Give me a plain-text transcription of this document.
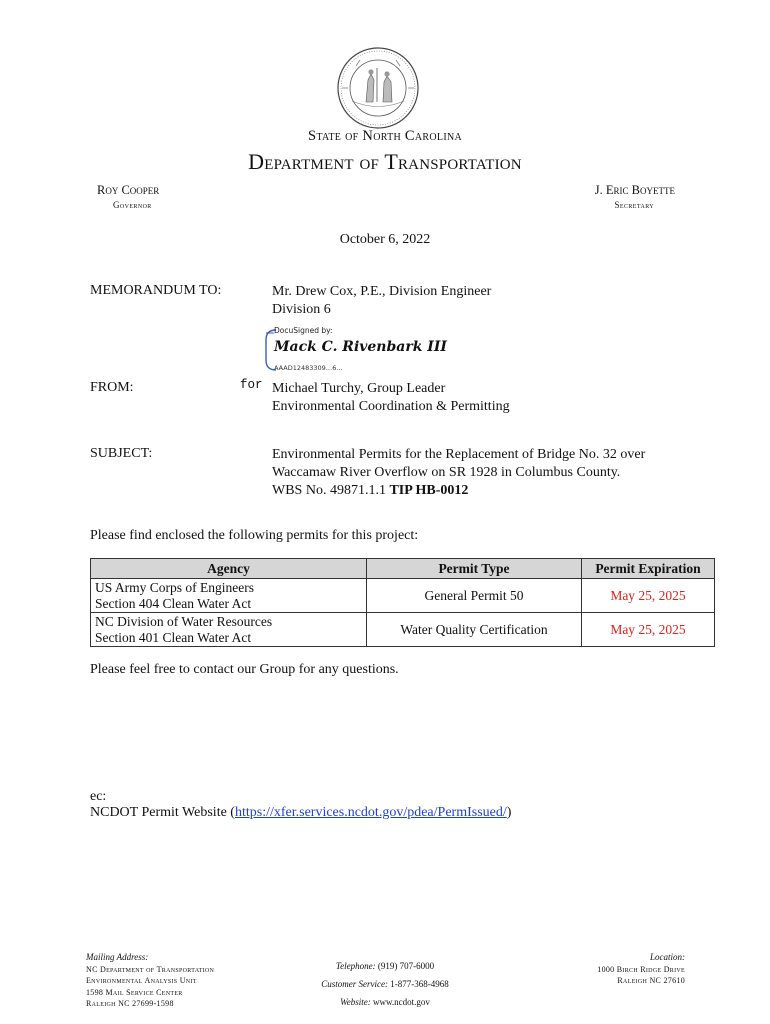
State of North Carolina
Department of Transportation
Roy Cooper
Governor
J. Eric Boyette
Secretary
October 6, 2022
MEMORANDUM TO:	Mr. Drew Cox, P.E., Division Engineer
Division 6
DocuSigned by:
Mack C. Rivenbark III
AAAD12483309…6...
FROM:	for Michael Turchy, Group Leader
Environmental Coordination & Permitting
SUBJECT:	Environmental Permits for the Replacement of Bridge No. 32 over
Waccamaw River Overflow on SR 1928 in Columbus County.
WBS No. 49871.1.1 TIP HB-0012
Please find enclosed the following permits for this project:
Agency	Permit Type	Permit Expiration

US Army Corps of Engineers
Section 404 Clean Water Act	General Permit 50	May 25, 2025

NC Division of Water Resources
Section 401 Clean Water Act	Water Quality Certification	May 25, 2025
Please feel free to contact our Group for any questions.
ec:
NCDOT Permit Website (https://xfer.services.ncdot.gov/pdea/PermIssued/)
Mailing Address:
NC Department of Transportation
Environmental Analysis Unit
1598 Mail Service Center
Raleigh NC 27699-1598
Telephone: (919) 707-6000
Customer Service: 1-877-368-4968
Website: www.ncdot.gov
Location:
1000 Birch Ridge Drive
Raleigh NC 27610
